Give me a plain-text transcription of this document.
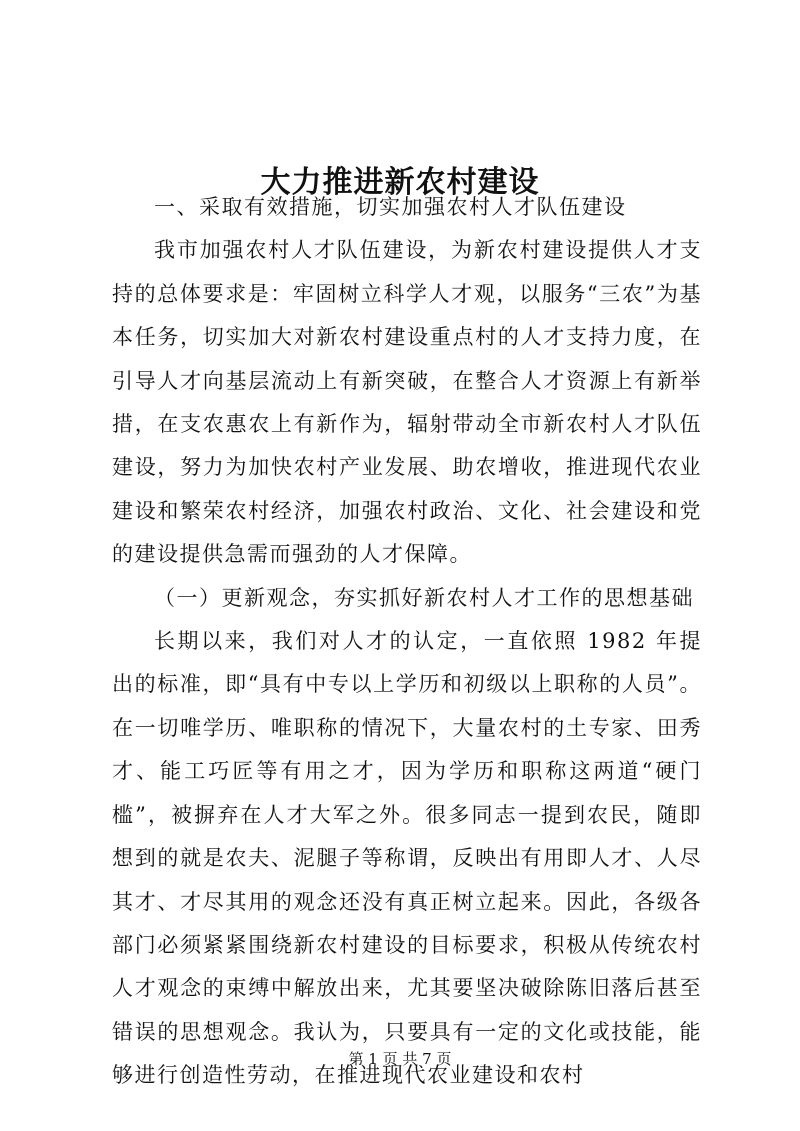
大力推进新农村建设

一、采取有效措施，切实加强农村人才队伍建设

我市加强农村人才队伍建设，为新农村建设提供人才支持的总体要求是：牢固树立科学人才观，以服务“三农”为基本任务，切实加大对新农村建设重点村的人才支持力度，在引导人才向基层流动上有新突破，在整合人才资源上有新举措，在支农惠农上有新作为，辐射带动全市新农村人才队伍建设，努力为加快农村产业发展、助农增收，推进现代农业建设和繁荣农村经济，加强农村政治、文化、社会建设和党的建设提供急需而强劲的人才保障。

（一）更新观念，夯实抓好新农村人才工作的思想基础

长期以来，我们对人才的认定，一直依照 1982 年提出的标准，即“具有中专以上学历和初级以上职称的人员”。在一切唯学历、唯职称的情况下，大量农村的土专家、田秀才、能工巧匠等有用之才，因为学历和职称这两道“硬门槛”，被摒弃在人才大军之外。很多同志一提到农民，随即想到的就是农夫、泥腿子等称谓，反映出有用即人才、人尽其才、才尽其用的观念还没有真正树立起来。因此，各级各部门必须紧紧围绕新农村建设的目标要求，积极从传统农村人才观念的束缚中解放出来，尤其要坚决破除陈旧落后甚至错误的思想观念。我认为，只要具有一定的文化或技能，能够进行创造性劳动，在推进现代农业建设和农村

第 1 页 共 7 页
